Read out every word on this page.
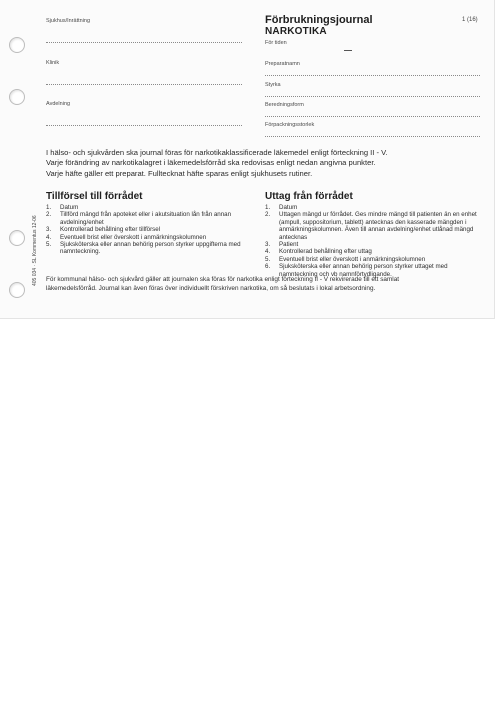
Sjukhus/Inrättning
Klinik
Avdelning
Förbrukningsjournal
NARKOTIKA
1 (16)
För tiden
Preparatnamn
Styrka
Beredningsform
Förpackningsstorlek
I hälso- och sjukvården ska journal föras för narkotikaklassificerade läkemedel enligt förteckning II - V.
Varje förändring av narkotikalagret i läkemedelsförråd ska redovisas enligt nedan angivna punkter.
Varje häfte gäller ett preparat. Fulltecknat häfte sparas enligt sjukhusets rutiner.
Tillförsel till förrådet
1. Datum
2. Tillförd mängd från apoteket eller i akutsituation lån från annan avdelning/enhet
3. Kontrollerad behållning efter tillförsel
4. Eventuell brist eller överskott i anmärkningskolumnen
5. Sjuksköterska eller annan behörig person styrker uppgifterna med namnteckning.
Uttag från förrådet
1. Datum
2. Uttagen mängd ur förrådet. Ges mindre mängd till patienten än en enhet (ampull, suppositorium, tablett) antecknas den kasserade mängden i anmärkningskolumnen. Även till annan avdelning/enhet utlånad mängd antecknas
3. Patient
4. Kontrollerad behållning efter uttag
5. Eventuell brist eller överskott i anmärkningskolumnen
6. Sjuksköterska eller annan behörig person styrker uttaget med namnteckning och vb namnförtydligande.
405 034 · SL Kommentus 12-06 För kommunal hälso- och sjukvård gäller att journalen ska föras för narkotika enligt förteckning II - V rekvirerade till ett samlat
läkemedelsförråd. Journal kan även föras över individuellt förskriven narkotika, om så beslutats i lokal arbetsordning.
